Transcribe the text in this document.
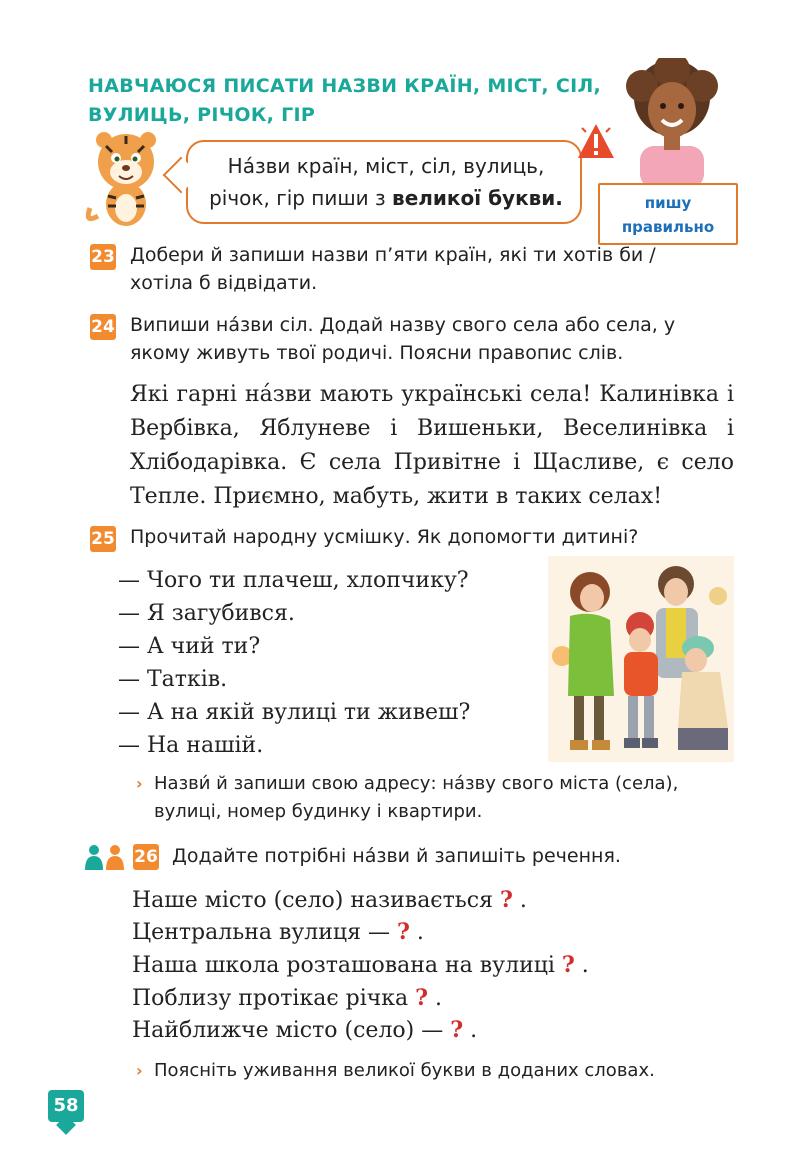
НАВЧАЮСЯ ПИСАТИ НАЗВИ КРАЇН, МІСТ, СІЛ, ВУЛИЦЬ, РІЧОК, ГІР
На́зви країн, міст, сіл, вулиць, річок, гір пиши з великої букви.	пишу
правильно
23 Добери й запиши назви п’яти країн, які ти хотів би / хотіла б відвідати.
24 Випиши на́зви сіл. Додай назву свого села або села, у якому живуть твої родичі. Поясни правопис слів.
Які гарні на́зви мають українські села! Калинівка і Вербівка, Яблуневе і Вишеньки, Веселинівка і Хлібодарівка. Є села Привітне і Щасливе, є село Тепле. Приємно, мабуть, жити в таких селах!
25 Прочитай народну усмішку. Як допомогти дитині?
— Чого ти плачеш, хлопчику?
— Я загубився.
— А чий ти?
— Татків.
— А на якій вулиці ти живеш?
— На нашій.
› Назви́ й запиши свою адресу: на́зву свого міста (села), вулиці, номер будинку і квартири.
26 Додайте потрібні на́зви й запишіть речення.
Наше місто (село) називається ? .
Центральна вулиця — ? .
Наша школа розташована на вулиці ? .
Поблизу протікає річка ? .
Найближче місто (село) — ? .
› Поясніть уживання великої букви в доданих словах.
58
